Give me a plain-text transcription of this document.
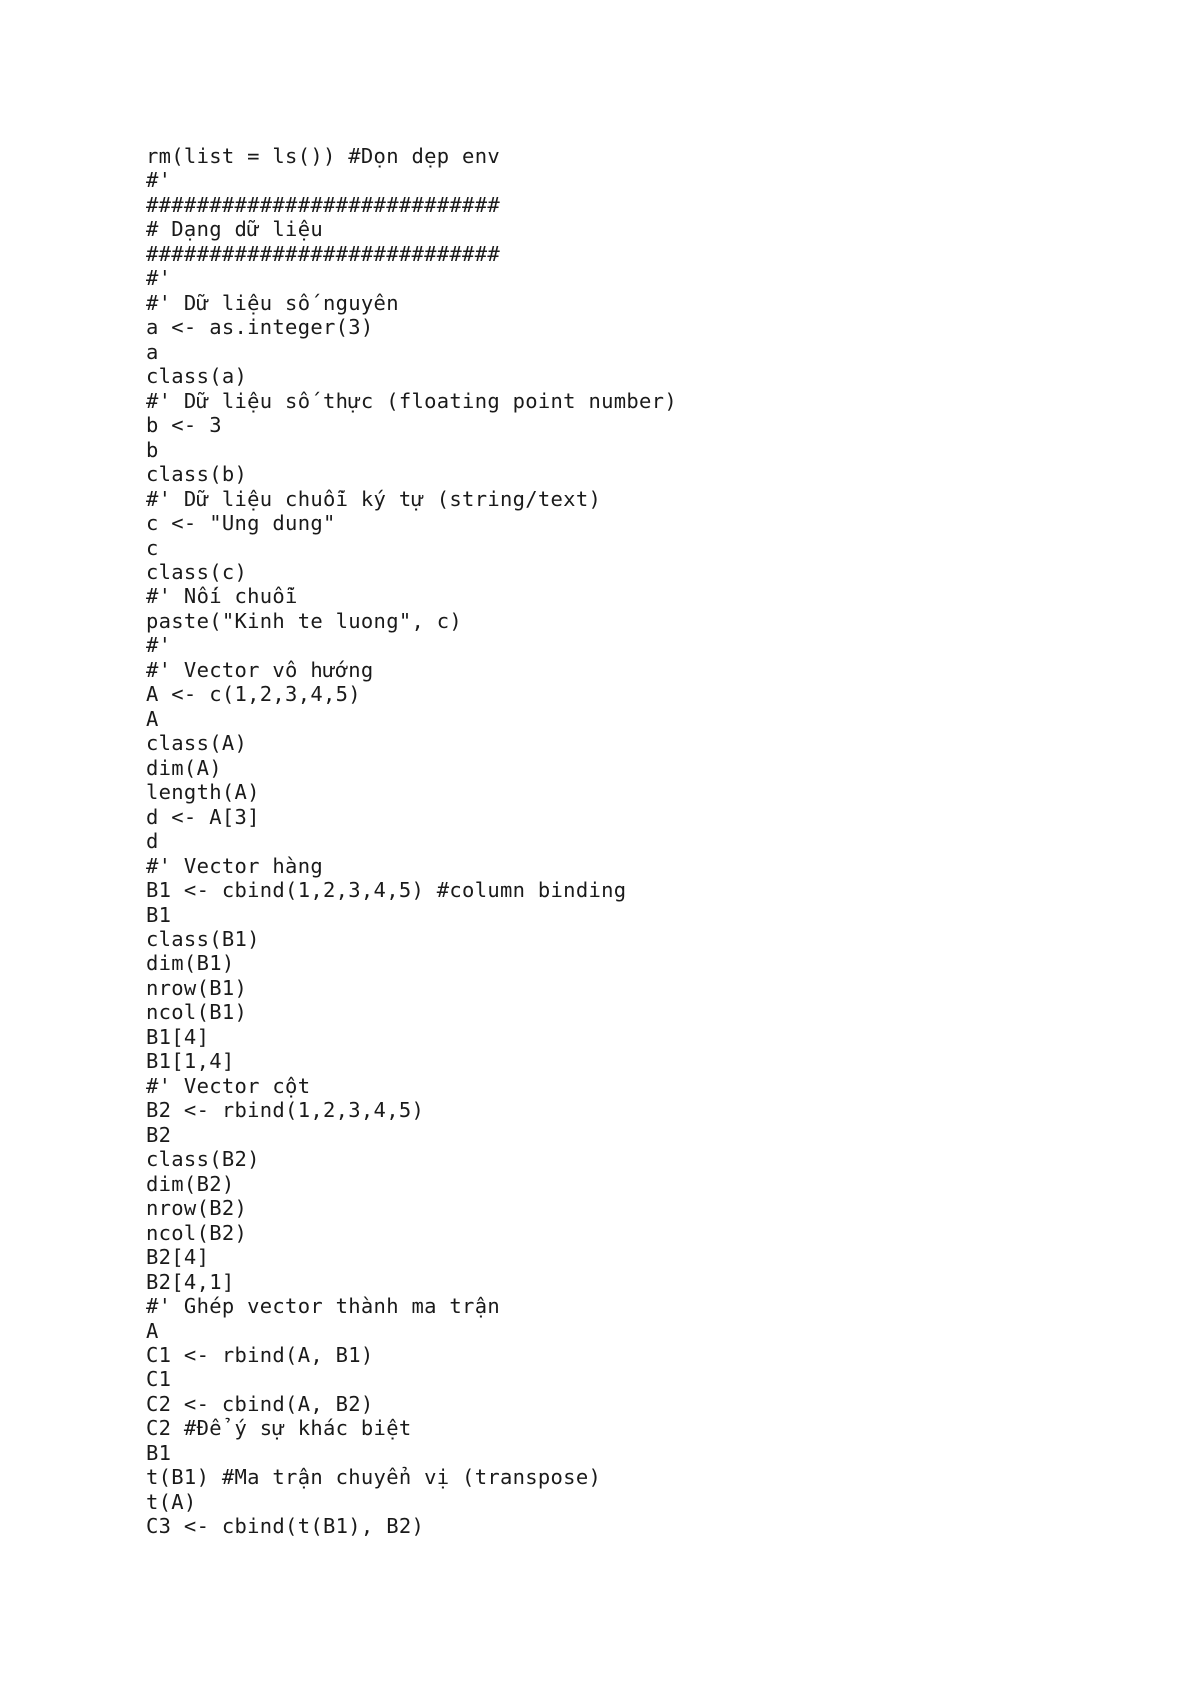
rm(list = ls()) #Dọn dẹp env
#'
############################
# Dạng dữ liệu
############################
#'
#' Dữ liệu số nguyên
a <- as.integer(3)
a
class(a)
#' Dữ liệu số thực (floating point number)
b <- 3
b
class(b)
#' Dữ liệu chuỗi ký tự (string/text)
c <- "Ung dung"
c
class(c)
#' Nối chuỗi
paste("Kinh te luong", c)
#'
#' Vector vô hướng
A <- c(1,2,3,4,5)
A
class(A)
dim(A)
length(A)
d <- A[3]
d
#' Vector hàng
B1 <- cbind(1,2,3,4,5) #column binding
B1
class(B1)
dim(B1)
nrow(B1)
ncol(B1)
B1[4]
B1[1,4]
#' Vector cột
B2 <- rbind(1,2,3,4,5)
B2
class(B2)
dim(B2)
nrow(B2)
ncol(B2)
B2[4]
B2[4,1]
#' Ghép vector thành ma trận
A
C1 <- rbind(A, B1)
C1
C2 <- cbind(A, B2)
C2 #Để ý sự khác biệt
B1
t(B1) #Ma trận chuyển vị (transpose)
t(A)
C3 <- cbind(t(B1), B2)
